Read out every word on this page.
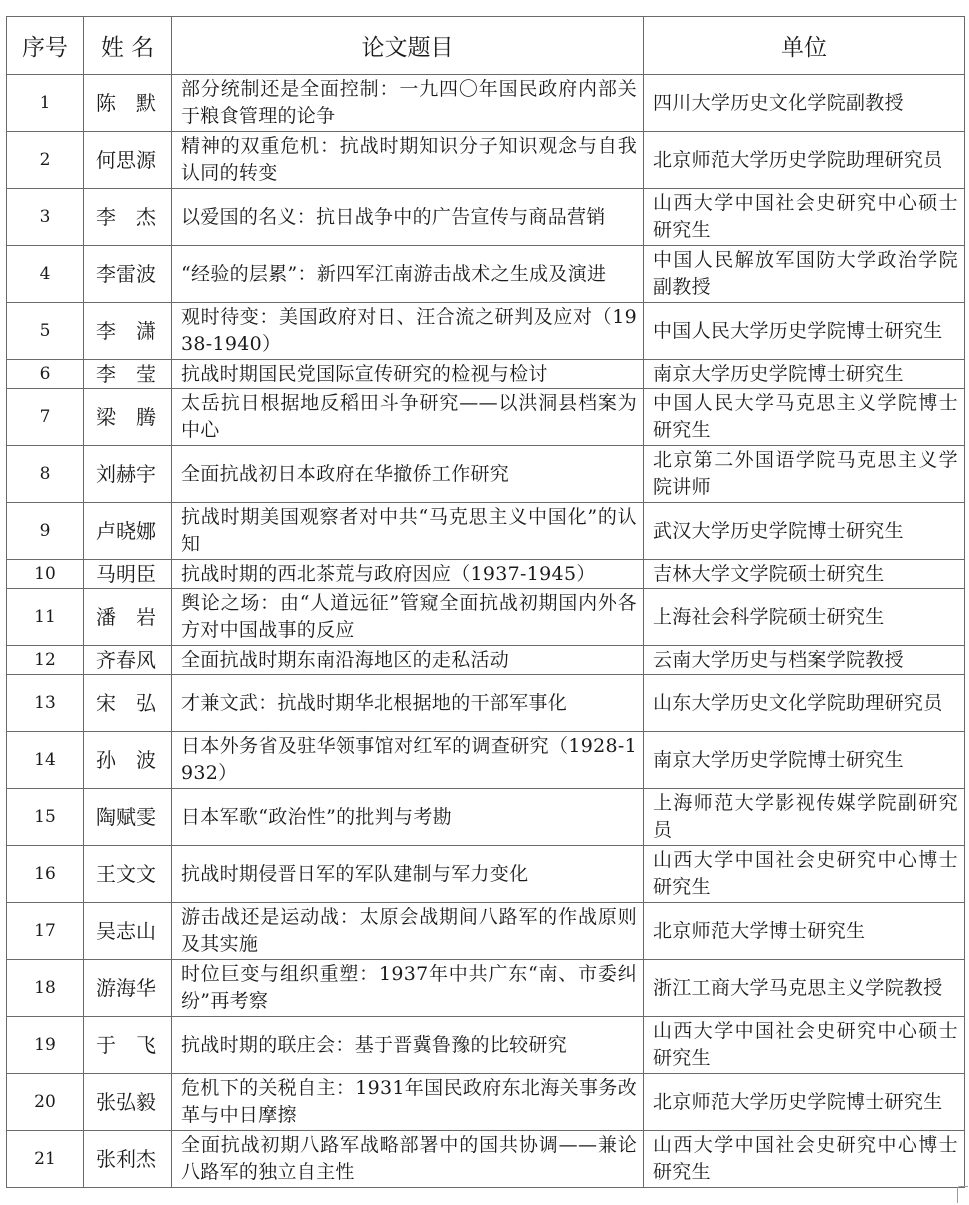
序号	姓 名	论文题目	单位
1	陈　默	部分统制还是全面控制：一九四〇年国民政府内部关于粮食管理的论争	四川大学历史文化学院副教授
2	何思源	精神的双重危机：抗战时期知识分子知识观念与自我认同的转变	北京师范大学历史学院助理研究员
3	李　杰	以爱国的名义：抗日战争中的广告宣传与商品营销	山西大学中国社会史研究中心硕士研究生
4	李雷波	“经验的层累”：新四军江南游击战术之生成及演进	中国人民解放军国防大学政治学院副教授
5	李　潇	观时待变：美国政府对日、汪合流之研判及应对（1938-1940）	中国人民大学历史学院博士研究生
6	李　莹	抗战时期国民党国际宣传研究的检视与检讨	南京大学历史学院博士研究生
7	梁　腾	太岳抗日根据地反稻田斗争研究——以洪洞县档案为中心	中国人民大学马克思主义学院博士研究生
8	刘赫宇	全面抗战初日本政府在华撤侨工作研究	北京第二外国语学院马克思主义学院讲师
9	卢晓娜	抗战时期美国观察者对中共“马克思主义中国化”的认知	武汉大学历史学院博士研究生
10	马明臣	抗战时期的西北茶荒与政府因应（1937-1945）	吉林大学文学院硕士研究生
11	潘　岩	舆论之场：由“人道远征”管窥全面抗战初期国内外各方对中国战事的反应	上海社会科学院硕士研究生
12	齐春风	全面抗战时期东南沿海地区的走私活动	云南大学历史与档案学院教授
13	宋　弘	才兼文武：抗战时期华北根据地的干部军事化	山东大学历史文化学院助理研究员
14	孙　波	日本外务省及驻华领事馆对红军的调查研究（1928-1932）	南京大学历史学院博士研究生
15	陶赋雯	日本军歌“政治性”的批判与考勘	上海师范大学影视传媒学院副研究员
16	王文文	抗战时期侵晋日军的军队建制与军力变化	山西大学中国社会史研究中心博士研究生
17	吴志山	游击战还是运动战：太原会战期间八路军的作战原则及其实施	北京师范大学博士研究生
18	游海华	时位巨变与组织重塑：1937年中共广东“南、市委纠纷”再考察	浙江工商大学马克思主义学院教授
19	于　飞	抗战时期的联庄会：基于晋冀鲁豫的比较研究	山西大学中国社会史研究中心硕士研究生
20	张弘毅	危机下的关税自主：1931年国民政府东北海关事务改革与中日摩擦	北京师范大学历史学院博士研究生
21	张利杰	全面抗战初期八路军战略部署中的国共协调——兼论八路军的独立自主性	山西大学中国社会史研究中心博士研究生
